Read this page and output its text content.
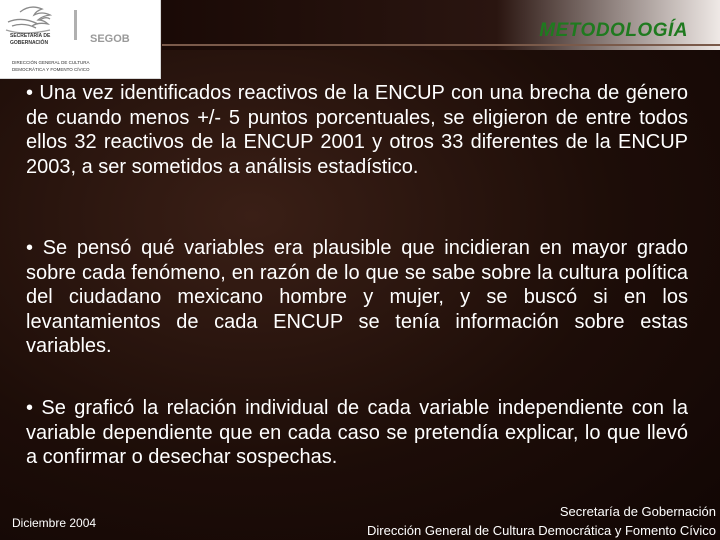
SECRETARÍA DE
GOBERNACIÓN	SEGOB
DIRECCIÓN GENERAL DE CULTURA
DEMOCRÁTICA Y FOMENTO CÍVICO
METODOLOGÍA
• Una vez identificados reactivos de la ENCUP con una brecha de género de cuando menos +/- 5 puntos porcentuales, se eligieron de entre todos ellos 32 reactivos de la ENCUP 2001 y otros 33 diferentes de la ENCUP 2003, a ser sometidos a análisis estadístico.
• Se pensó qué variables era plausible que incidieran en mayor grado sobre cada fenómeno, en razón de lo que se sabe sobre la cultura política del ciudadano mexicano hombre y mujer, y se buscó si en los levantamientos de cada ENCUP se tenía información sobre estas variables.
• Se graficó la relación individual de cada variable independiente con la variable dependiente que en cada caso se pretendía explicar, lo que llevó a confirmar o desechar sospechas.
Diciembre 2004
Secretaría de Gobernación
Dirección General de Cultura Democrática y Fomento Cívico
